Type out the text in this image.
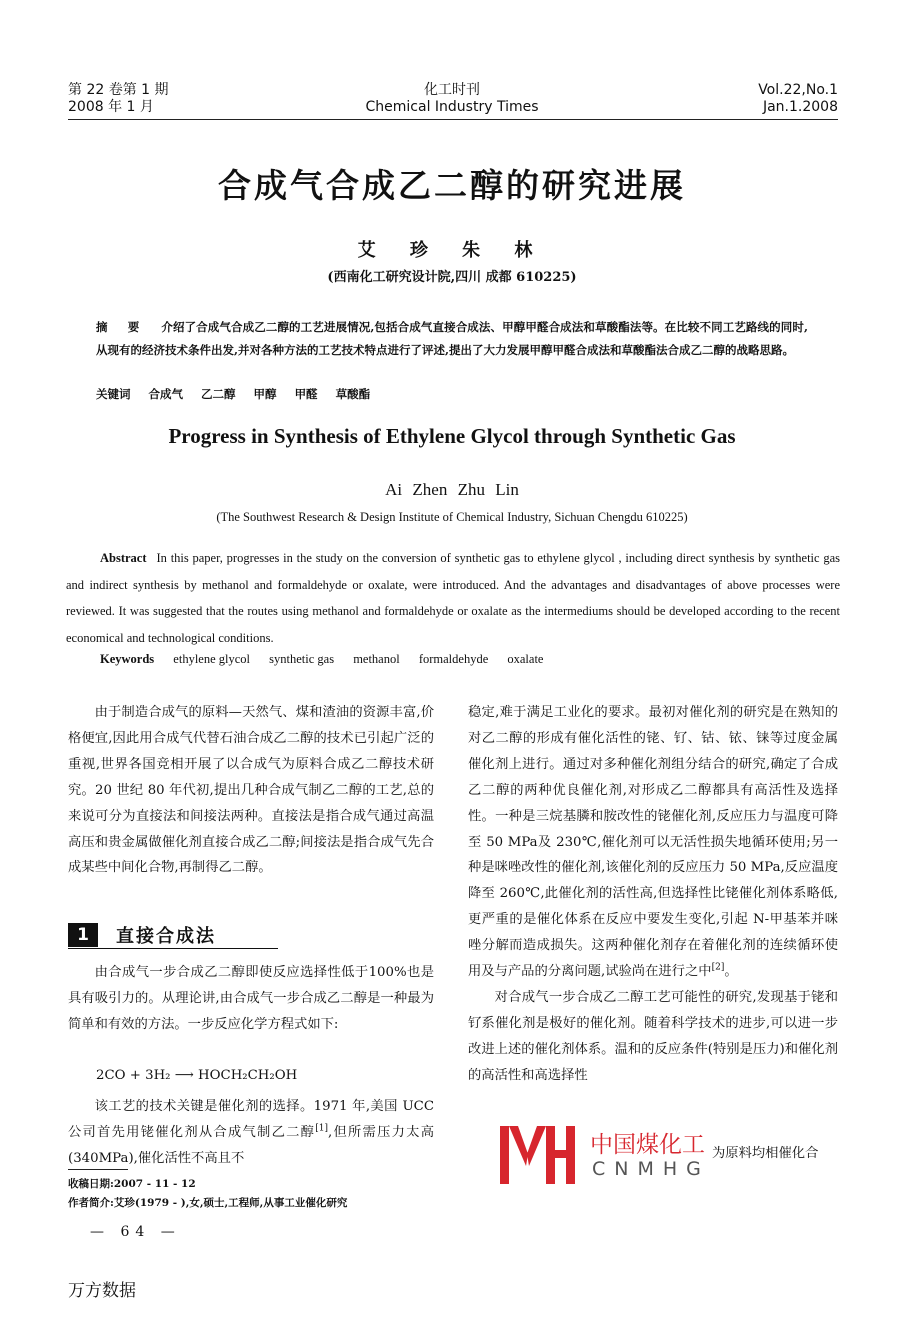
第 22 卷第 1 期
2008 年 1 月
化工时刊
Chemical Industry Times
Vol.22,No.1
Jan.1.2008
合成气合成乙二醇的研究进展
艾 珍 朱 林
(西南化工研究设计院,四川 成都 610225)
摘 要 介绍了合成气合成乙二醇的工艺进展情况,包括合成气直接合成法、甲醇甲醛合成法和草酸酯法等。在比较不同工艺路线的同时,从现有的经济技术条件出发,并对各种方法的工艺技术特点进行了评述,提出了大力发展甲醇甲醛合成法和草酸酯法合成乙二醇的战略思路。
关键词 合成气 乙二醇 甲醇 甲醛 草酸酯
Progress in Synthesis of Ethylene Glycol through Synthetic Gas
Ai Zhen Zhu Lin
(The Southwest Research & Design Institute of Chemical Industry, Sichuan Chengdu 610225)
Abstract In this paper, progresses in the study on the conversion of synthetic gas to ethylene glycol , including direct synthesis by synthetic gas and indirect synthesis by methanol and formaldehyde or oxalate, were introduced. And the advantages and disadvantages of above processes were reviewed. It was suggested that the routes using methanol and formaldehyde or oxalate as the intermediums should be developed according to the recent economical and technological conditions.
Keywords ethylene glycol synthetic gas methanol formaldehyde oxalate

由于制造合成气的原料—天然气、煤和渣油的资源丰富,价格便宜,因此用合成气代替石油合成乙二醇的技术已引起广泛的重视,世界各国竞相开展了以合成气为原料合成乙二醇技术研究。20 世纪 80 年代初,提出几种合成气制乙二醇的工艺,总的来说可分为直接法和间接法两种。直接法是指合成气通过高温高压和贵金属做催化剂直接合成乙二醇;间接法是指合成气先合成某些中间化合物,再制得乙二醇。

1	直接合成法

由合成气一步合成乙二醇即使反应选择性低于100%也是具有吸引力的。从理论讲,由合成气一步合成乙二醇是一种最为简单和有效的方法。一步反应化学方程式如下:

2CO + 3H₂ ⟶ HOCH₂CH₂OH

该工艺的技术关键是催化剂的选择。1971 年,美国 UCC 公司首先用铑催化剂从合成气制乙二醇[1],但所需压力太高(340MPa),催化活性不高且不

收稿日期:2007 - 11 - 12
作者简介:艾珍(1979 - ),女,硕士,工程师,从事工业催化研究
— 64 —
万方数据

稳定,难于满足工业化的要求。最初对催化剂的研究是在熟知的对乙二醇的形成有催化活性的铑、钌、钴、铱、铼等过度金属催化剂上进行。通过对多种催化剂组分结合的研究,确定了合成乙二醇的两种优良催化剂,对形成乙二醇都具有高活性及选择性。一种是三烷基膦和胺改性的铑催化剂,反应压力与温度可降至 50 MPa及 230℃,催化剂可以无活性损失地循环使用;另一种是咪唑改性的催化剂,该催化剂的反应压力 50 MPa,反应温度降至 260℃,此催化剂的活性高,但选择性比铑催化剂体系略低,更严重的是催化体系在反应中要发生变化,引起 N-甲基苯并咪唑分解而造成损失。这两种催化剂存在着催化剂的连续循环使用及与产品的分离问题,试验尚在进行之中[2]。

对合成气一步合成乙二醇工艺可能性的研究,发现基于铑和钌系催化剂是极好的催化剂。随着科学技术的进步,可以进一步改进上述的催化剂体系。温和的反应条件(特别是压力)和催化剂的高活性和高选择性

中国煤化工
CNMHG
为原料均相催化合
